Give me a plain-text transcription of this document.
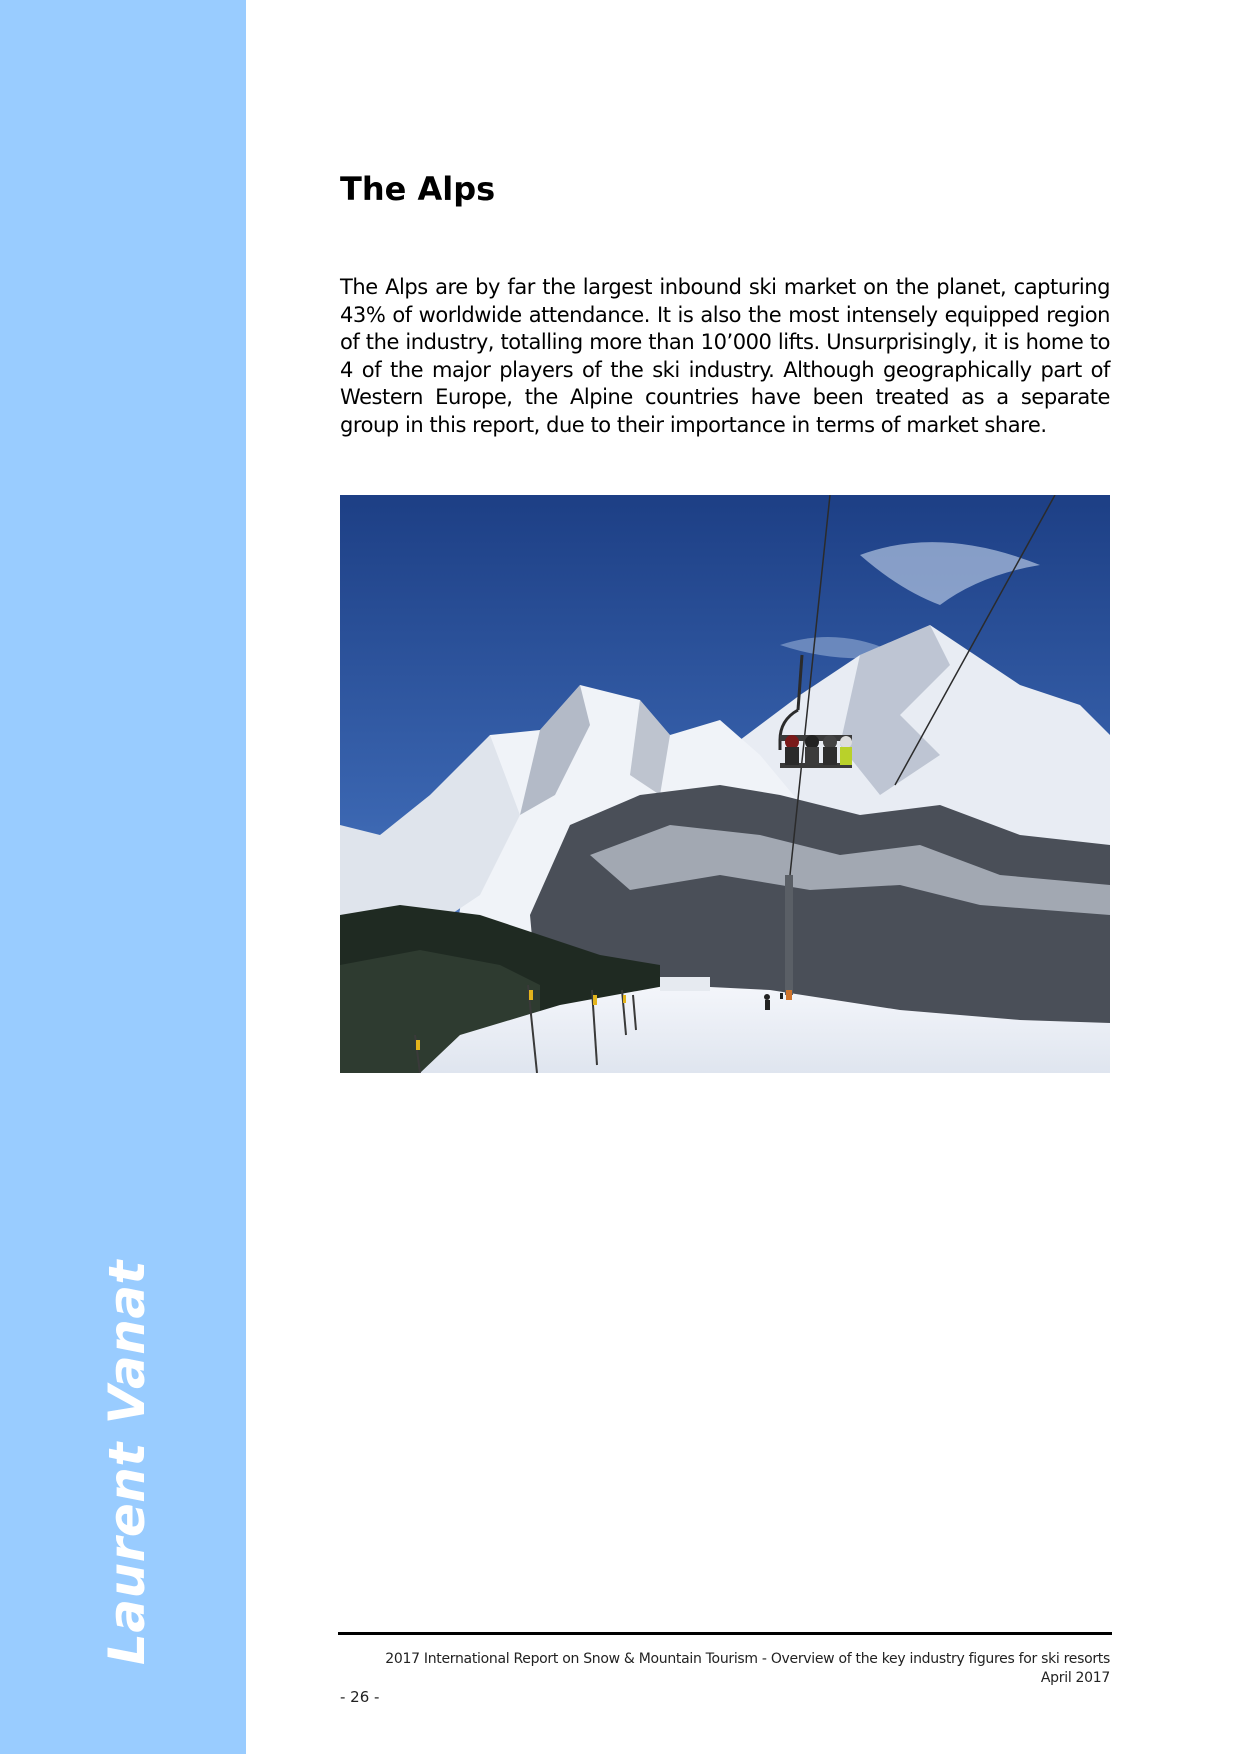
Laurent Vanat
The Alps

The Alps are by far the largest inbound ski market on the planet, capturing 43% of worldwide attendance. It is also the most intensely equipped region of the industry, totalling more than 10’000 lifts. Unsurprisingly, it is home to 4 of the major players of the ski industry. Although geographically part of Western Europe, the Alpine countries have been treated as a separate group in this report, due to their importance in terms of market share.

2017 International Report on Snow & Mountain Tourism - Overview of the key industry figures for ski resorts
April 2017
- 26 -
